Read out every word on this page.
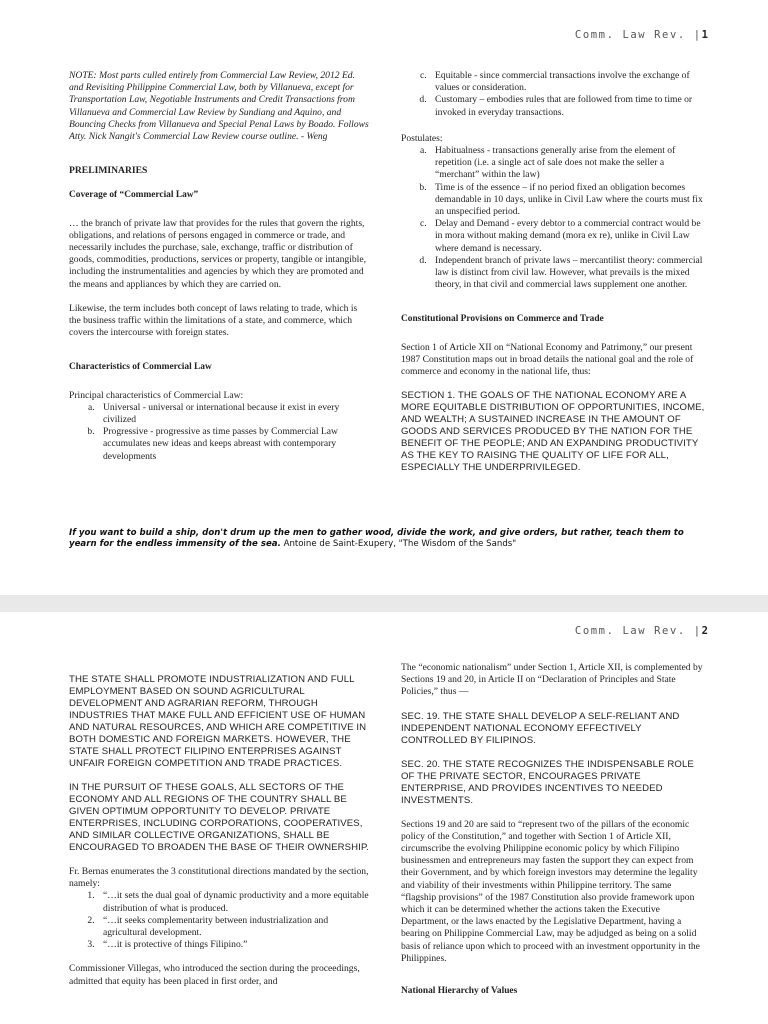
Comm. Law Rev. |1

NOTE: Most parts culled entirely from Commercial Law Review, 2012 Ed. and Revisiting Philippine Commercial Law, both by Villanueva, except for Transportation Law, Negotiable Instruments and Credit Transactions from Villanueva and Commercial Law Review by Sundiang and Aquino, and Bouncing Checks from Villanueva and Special Penal Laws by Boado. Follows Atty. Nick Nangit's Commercial Law Review course outline. - Weng

PRELIMINARIES

Coverage of “Commercial Law”

… the branch of private law that provides for the rules that govern the rights, obligations, and relations of persons engaged in commerce or trade, and necessarily includes the purchase, sale, exchange, traffic or distribution of goods, commodities, productions, services or property, tangible or intangible, including the instrumentalities and agencies by which they are promoted and the means and appliances by which they are carried on.

Likewise, the term includes both concept of laws relating to trade, which is the business traffic within the limitations of a state, and commerce, which covers the intercourse with foreign states.

Characteristics of Commercial Law

Principal characteristics of Commercial Law:

a. Universal - universal or international because it exist in every civilized
b. Progressive - progressive as time passes by Commercial Law accumulates new ideas and keeps abreast with contemporary developments
c. Equitable - since commercial transactions involve the exchange of values or consideration.
d. Customary – embodies rules that are followed from time to time or invoked in everyday transactions.

Postulates:

a. Habitualness - transactions generally arise from the element of repetition (i.e. a single act of sale does not make the seller a “merchant” within the law)
b. Time is of the essence – if no period fixed an obligation becomes demandable in 10 days, unlike in Civil Law where the courts must fix an unspecified period.
c. Delay and Demand - every debtor to a commercial contract would be in mora without making demand (mora ex re), unlike in Civil Law where demand is necessary.
d. Independent branch of private laws – mercantilist theory: commercial law is distinct from civil law. However, what prevails is the mixed theory, in that civil and commercial laws supplement one another.

Constitutional Provisions on Commerce and Trade

Section 1 of Article XII on “National Economy and Patrimony,” our present 1987 Constitution maps out in broad details the national goal and the role of commerce and economy in the national life, thus:

SECTION 1. THE GOALS OF THE NATIONAL ECONOMY ARE A MORE EQUITABLE DISTRIBUTION OF OPPORTUNITIES, INCOME, AND WEALTH; A SUSTAINED INCREASE IN THE AMOUNT OF GOODS AND SERVICES PRODUCED BY THE NATION FOR THE BENEFIT OF THE PEOPLE; AND AN EXPANDING PRODUCTIVITY AS THE KEY TO RAISING THE QUALITY OF LIFE FOR ALL, ESPECIALLY THE UNDERPRIVILEGED.

If you want to build a ship, don't drum up the men to gather wood, divide the work, and give orders, but rather, teach them to yearn for the endless immensity of the sea. Antoine de Saint-Exupery, "The Wisdom of the Sands"
Comm. Law Rev. |2

THE STATE SHALL PROMOTE INDUSTRIALIZATION AND FULL EMPLOYMENT BASED ON SOUND AGRICULTURAL DEVELOPMENT AND AGRARIAN REFORM, THROUGH INDUSTRIES THAT MAKE FULL AND EFFICIENT USE OF HUMAN AND NATURAL RESOURCES, AND WHICH ARE COMPETITIVE IN BOTH DOMESTIC AND FOREIGN MARKETS. HOWEVER, THE STATE SHALL PROTECT FILIPINO ENTERPRISES AGAINST UNFAIR FOREIGN COMPETITION AND TRADE PRACTICES.

IN THE PURSUIT OF THESE GOALS, ALL SECTORS OF THE ECONOMY AND ALL REGIONS OF THE COUNTRY SHALL BE GIVEN OPTIMUM OPPORTUNITY TO DEVELOP. PRIVATE ENTERPRISES, INCLUDING CORPORATIONS, COOPERATIVES, AND SIMILAR COLLECTIVE ORGANIZATIONS, SHALL BE ENCOURAGED TO BROADEN THE BASE OF THEIR OWNERSHIP.

Fr. Bernas enumerates the 3 constitutional directions mandated by the section, namely:

1. “…it sets the dual goal of dynamic productivity and a more equitable distribution of what is produced.
2. “…it seeks complementarity between industrialization and agricultural development.
3. “…it is protective of things Filipino.”

Commissioner Villegas, who introduced the section during the proceedings, admitted that equity has been placed in first order, and

The “economic nationalism” under Section 1, Article XII, is complemented by Sections 19 and 20, in Article II on “Declaration of Principles and State Policies,” thus —

SEC. 19. THE STATE SHALL DEVELOP A SELF-RELIANT AND INDEPENDENT NATIONAL ECONOMY EFFECTIVELY CONTROLLED BY FILIPINOS.

SEC. 20. THE STATE RECOGNIZES THE INDISPENSABLE ROLE OF THE PRIVATE SECTOR, ENCOURAGES PRIVATE ENTERPRISE, AND PROVIDES INCENTIVES TO NEEDED INVESTMENTS.

Sections 19 and 20 are said to “represent two of the pillars of the economic policy of the Constitution,” and together with Section 1 of Article XII, circumscribe the evolving Philippine economic policy by which Filipino businessmen and entrepreneurs may fasten the support they can expect from their Government, and by which foreign investors may determine the legality and viability of their investments within Philippine territory. The same “flagship provisions” of the 1987 Constitution also provide framework upon which it can be determined whether the actions taken the Executive Department, or the laws enacted by the Legislative Department, having a bearing on Philippine Commercial Law, may be adjudged as being on a solid basis of reliance upon which to proceed with an investment opportunity in the Philippines.

National Hierarchy of Values
